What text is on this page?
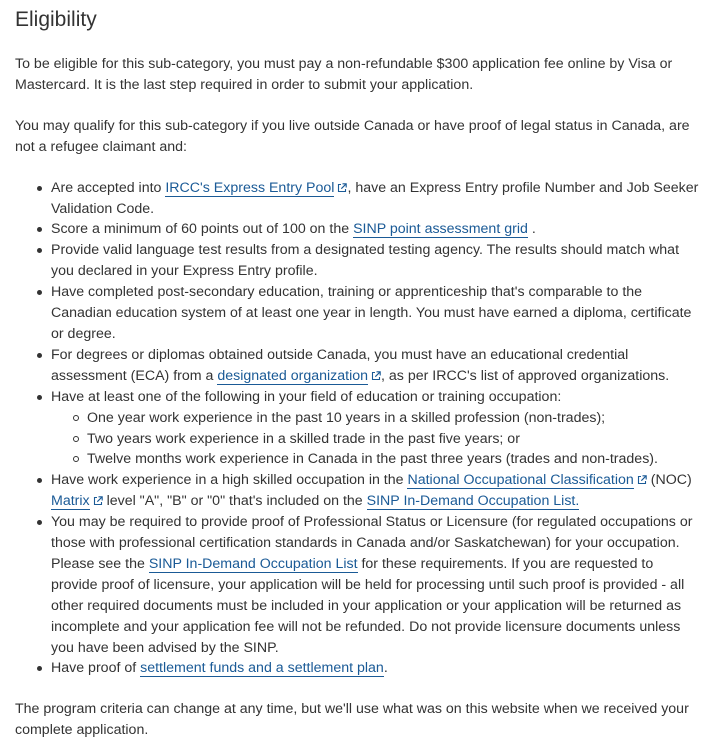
Eligibility

To be eligible for this sub-category, you must pay a non-refundable $300 application fee online by Visa or Mastercard. It is the last step required in order to submit your application.

You may qualify for this sub-category if you live outside Canada or have proof of legal status in Canada, are not a refugee claimant and:

Are accepted into IRCC's Express Entry Pool , have an Express Entry profile Number and Job Seeker Validation Code.
Score a minimum of 60 points out of 100 on the SINP point assessment grid .
Provide valid language test results from a designated testing agency. The results should match what you declared in your Express Entry profile.
Have completed post-secondary education, training or apprenticeship that's comparable to the Canadian education system of at least one year in length. You must have earned a diploma, certificate or degree.
For degrees or diplomas obtained outside Canada, you must have an educational credential assessment (ECA) from a designated organization , as per IRCC's list of approved organizations.
Have at least one of the following in your field of education or training occupation:
One year work experience in the past 10 years in a skilled profession (non-trades);
Two years work experience in a skilled trade in the past five years; or
Twelve months work experience in Canada in the past three years (trades and non-trades).
Have work experience in a high skilled occupation in the National Occupational Classification (NOC) Matrix level "A", "B" or "0" that's included on the SINP In-Demand Occupation List.
You may be required to provide proof of Professional Status or Licensure (for regulated occupations or those with professional certification standards in Canada and/or Saskatchewan) for your occupation. Please see the SINP In-Demand Occupation List for these requirements. If you are requested to provide proof of licensure, your application will be held for processing until such proof is provided - all other required documents must be included in your application or your application will be returned as incomplete and your application fee will not be refunded. Do not provide licensure documents unless you have been advised by the SINP.
Have proof of settlement funds and a settlement plan.

The program criteria can change at any time, but we'll use what was on this website when we received your complete application.
